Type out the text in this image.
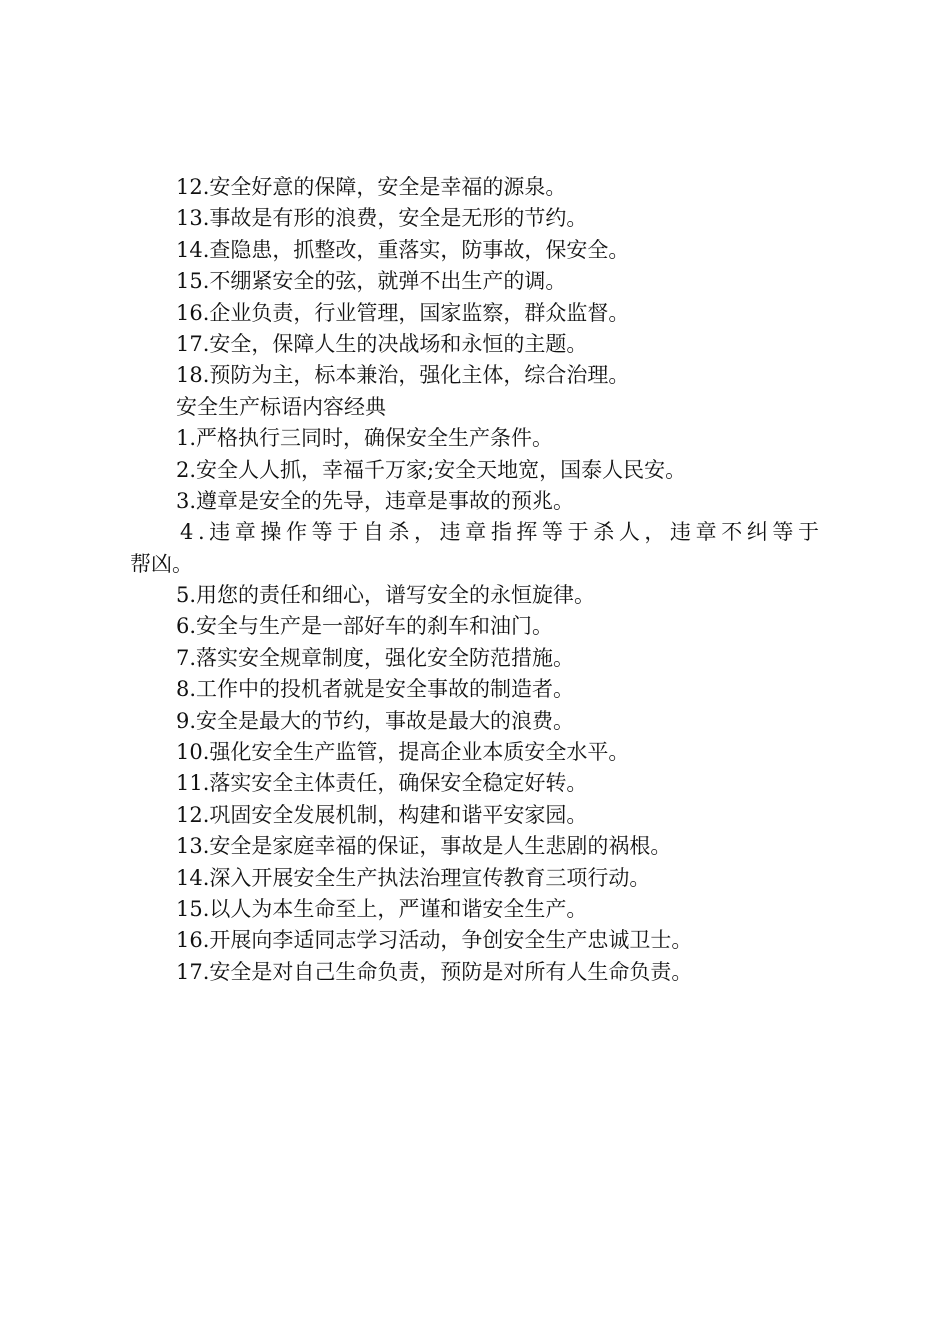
12.安全好意的保障，安全是幸福的源泉。
13.事故是有形的浪费，安全是无形的节约。
14.查隐患，抓整改，重落实，防事故，保安全。
15.不绷紧安全的弦，就弹不出生产的调。
16.企业负责，行业管理，国家监察，群众监督。
17.安全，保障人生的决战场和永恒的主题。
18.预防为主，标本兼治，强化主体，综合治理。
安全生产标语内容经典
1.严格执行三同时，确保安全生产条件。
2.安全人人抓，幸福千万家;安全天地宽，国泰人民安。
3.遵章是安全的先导，违章是事故的预兆。
4.违章操作等于自杀，违章指挥等于杀人，违章不纠等于
帮凶。
5.用您的责任和细心，谱写安全的永恒旋律。
6.安全与生产是一部好车的刹车和油门。
7.落实安全规章制度，强化安全防范措施。
8.工作中的投机者就是安全事故的制造者。
9.安全是最大的节约，事故是最大的浪费。
10.强化安全生产监管，提高企业本质安全水平。
11.落实安全主体责任，确保安全稳定好转。
12.巩固安全发展机制，构建和谐平安家园。
13.安全是家庭幸福的保证，事故是人生悲剧的祸根。
14.深入开展安全生产执法治理宣传教育三项行动。
15.以人为本生命至上，严谨和谐安全生产。
16.开展向李适同志学习活动，争创安全生产忠诚卫士。
17.安全是对自己生命负责，预防是对所有人生命负责。
